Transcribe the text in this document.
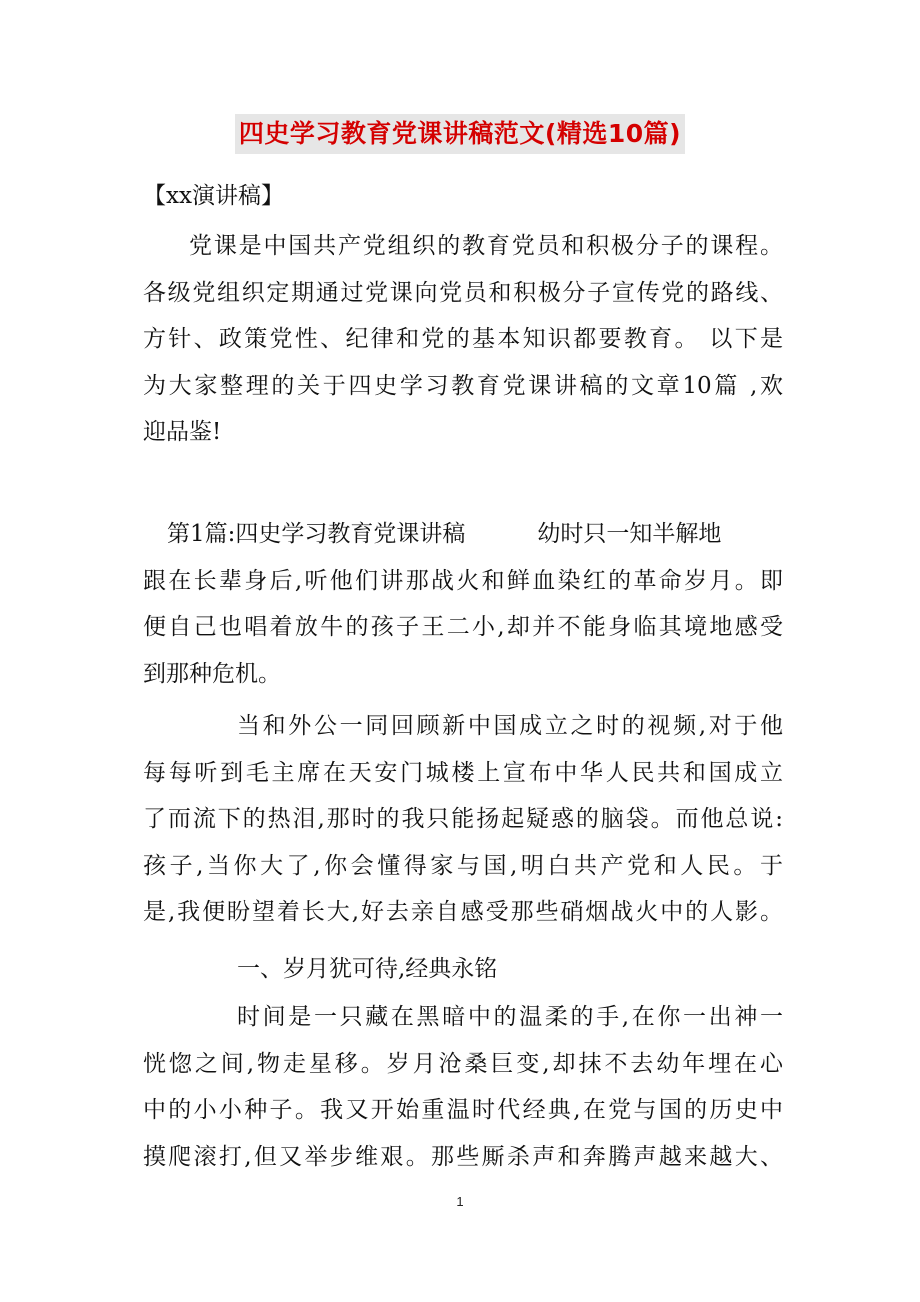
四史学习教育党课讲稿范文(精选10篇)
【xx演讲稿】
党课是中国共产党组织的教育党员和积极分子的课程。
各级党组织定期通过党课向党员和积极分子宣传党的路线、
方针、政策党性、纪律和党的基本知识都要教育。 以下是
为大家整理的关于四史学习教育党课讲稿的文章10篇 ,欢
迎品鉴!
第1篇:四史学习教育党课讲稿	幼时只一知半解地
跟在长辈身后,听他们讲那战火和鲜血染红的革命岁月。即
便自己也唱着放牛的孩子王二小,却并不能身临其境地感受
到那种危机。
当和外公一同回顾新中国成立之时的视频,对于他
每每听到毛主席在天安门城楼上宣布中华人民共和国成立
了而流下的热泪,那时的我只能扬起疑惑的脑袋。而他总说:
孩子,当你大了,你会懂得家与国,明白共产党和人民。于
是,我便盼望着长大,好去亲自感受那些硝烟战火中的人影。
一、岁月犹可待,经典永铭
时间是一只藏在黑暗中的温柔的手,在你一出神一
恍惚之间,物走星移。岁月沧桑巨变,却抹不去幼年埋在心
中的小小种子。我又开始重温时代经典,在党与国的历史中
摸爬滚打,但又举步维艰。那些厮杀声和奔腾声越来越大、
1
